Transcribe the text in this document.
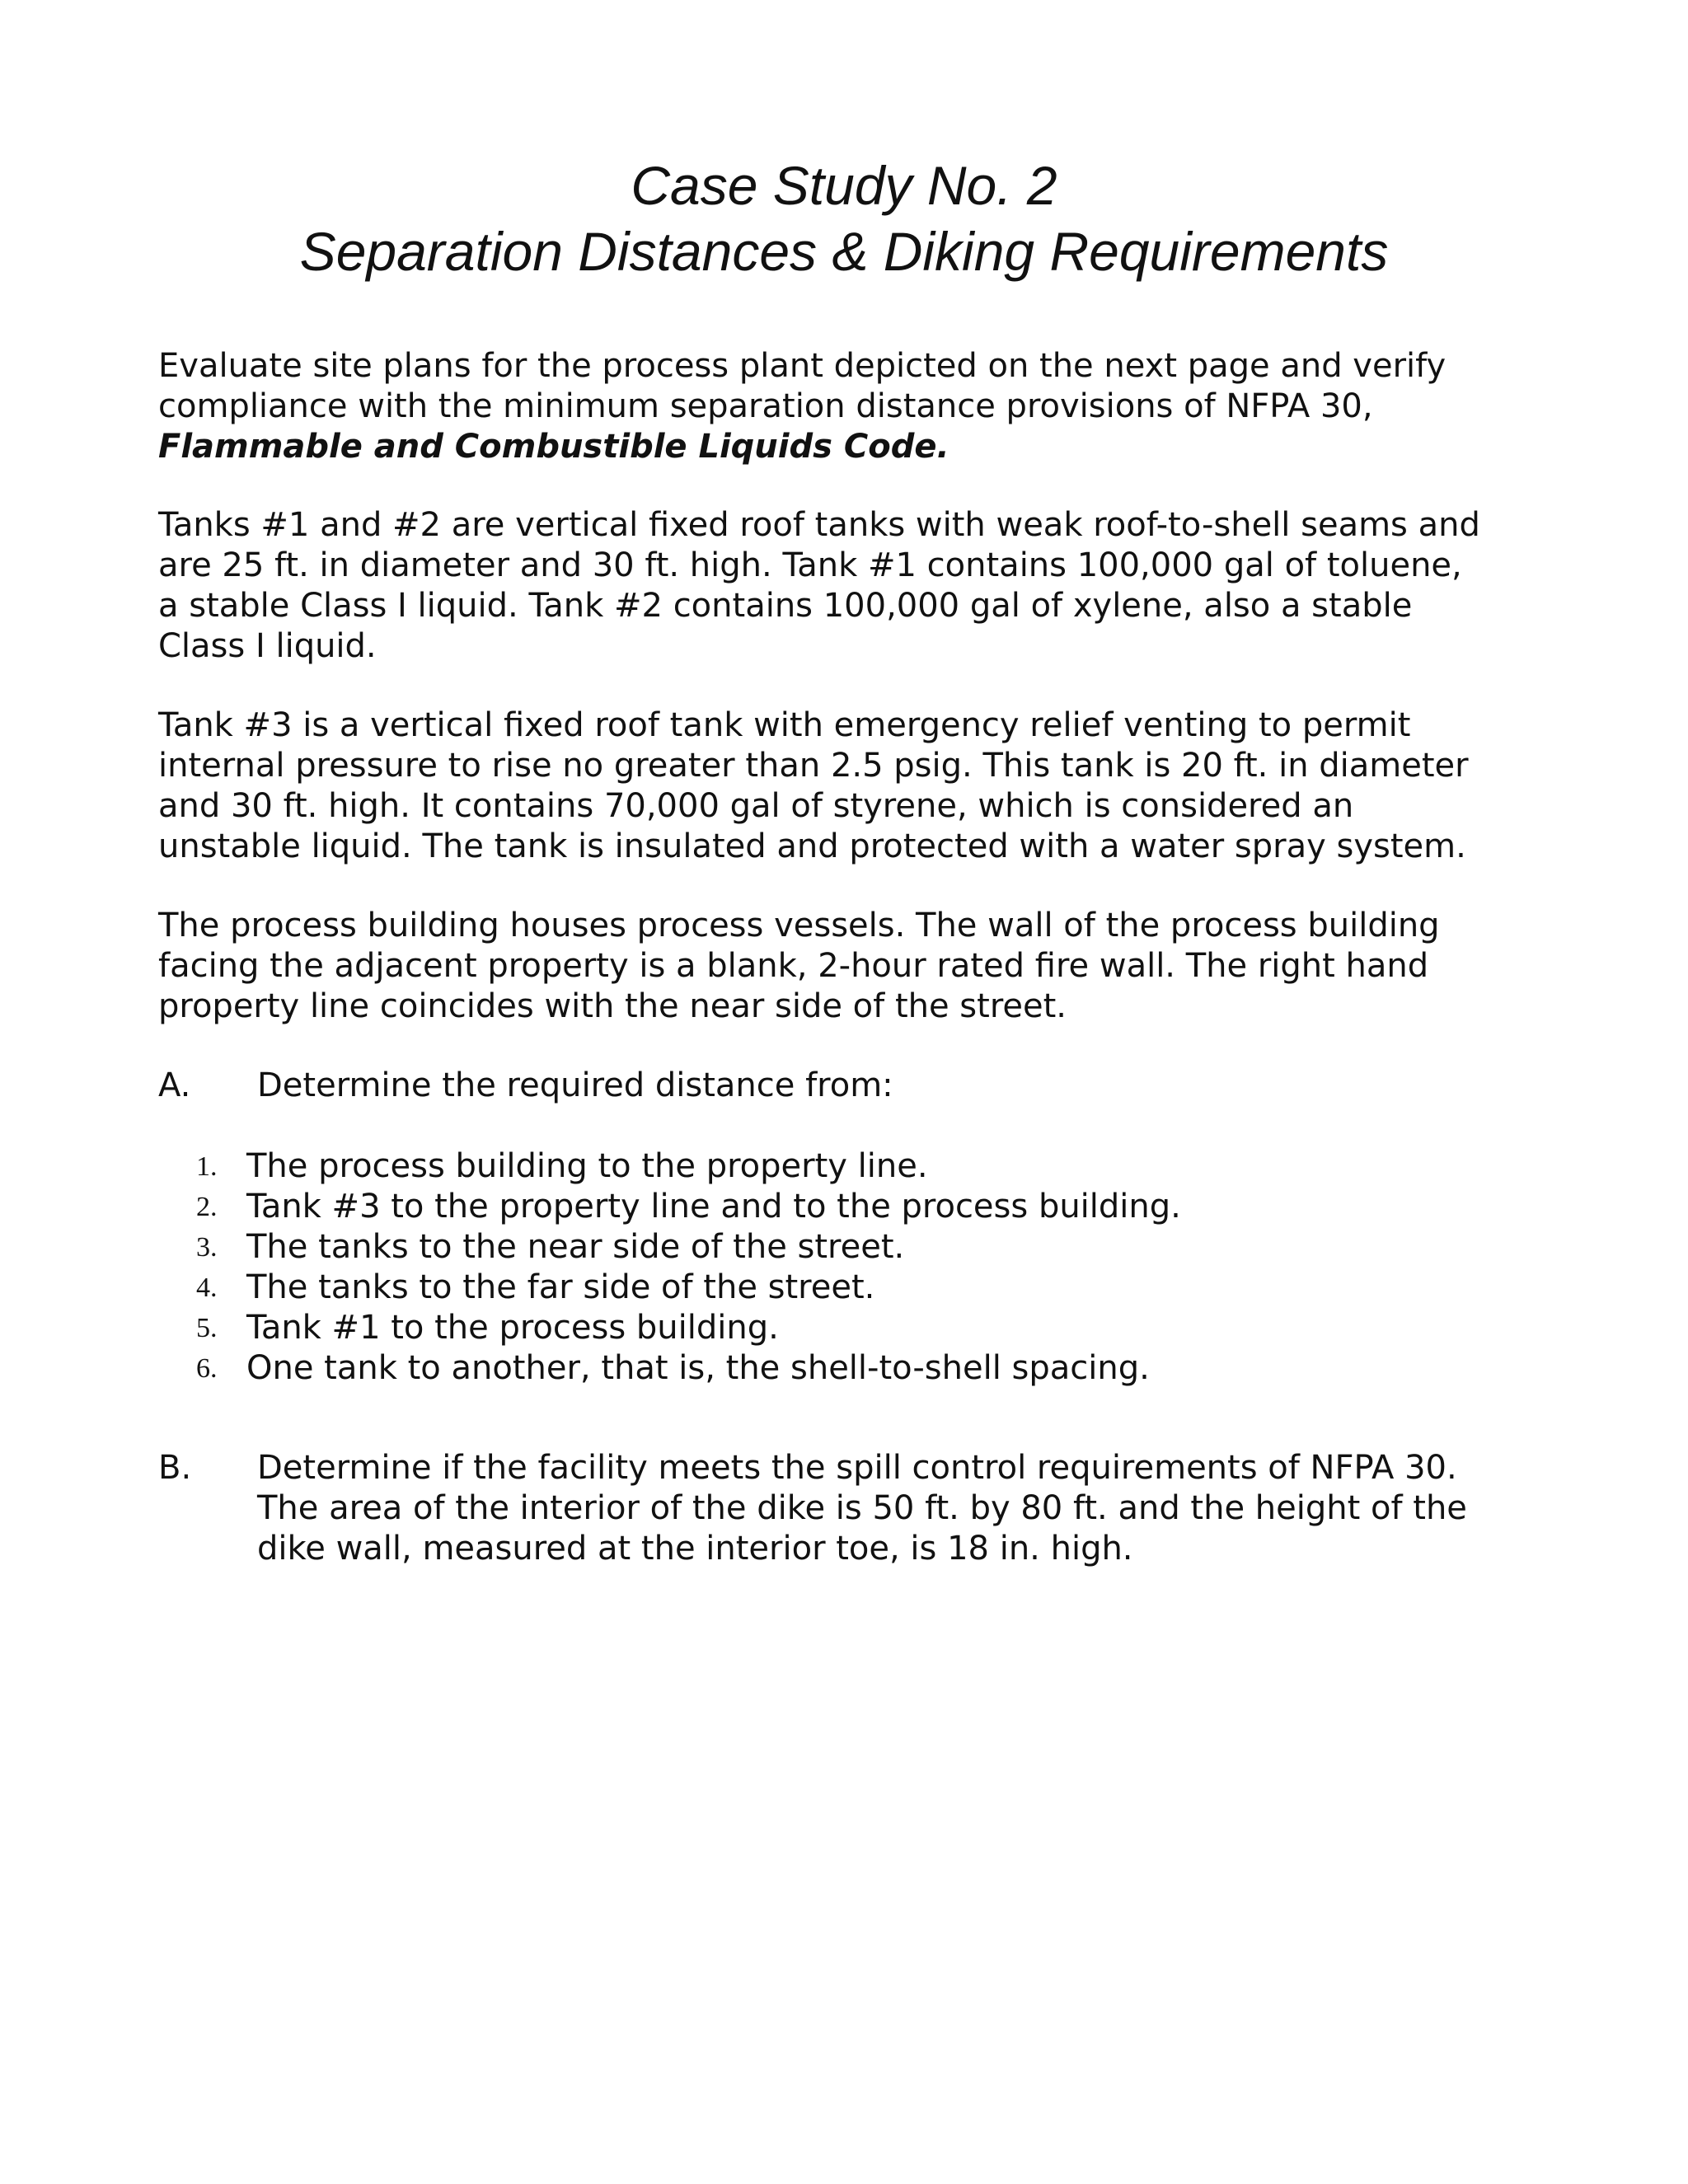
Case Study No. 2
Separation Distances & Diking Requirements
Evaluate site plans for the process plant depicted on the next page and verify
compliance with the minimum separation distance provisions of NFPA 30,
Flammable and Combustible Liquids Code.
Tanks #1 and #2 are vertical fixed roof tanks with weak roof-to-shell seams and
are 25 ft. in diameter and 30 ft. high. Tank #1 contains 100,000 gal of toluene,
a stable Class I liquid. Tank #2 contains 100,000 gal of xylene, also a stable
Class I liquid.
Tank #3 is a vertical fixed roof tank with emergency relief venting to permit
internal pressure to rise no greater than 2.5 psig. This tank is 20 ft. in diameter
and 30 ft. high. It contains 70,000 gal of styrene, which is considered an
unstable liquid. The tank is insulated and protected with a water spray system.
The process building houses process vessels. The wall of the process building
facing the adjacent property is a blank, 2-hour rated fire wall. The right hand
property line coincides with the near side of the street.
A. Determine the required distance from:
1. The process building to the property line.
2. Tank #3 to the property line and to the process building.
3. The tanks to the near side of the street.
4. The tanks to the far side of the street.
5. Tank #1 to the process building.
6. One tank to another, that is, the shell-to-shell spacing.
B. Determine if the facility meets the spill control requirements of NFPA 30.
The area of the interior of the dike is 50 ft. by 80 ft. and the height of the
dike wall, measured at the interior toe, is 18 in. high.
